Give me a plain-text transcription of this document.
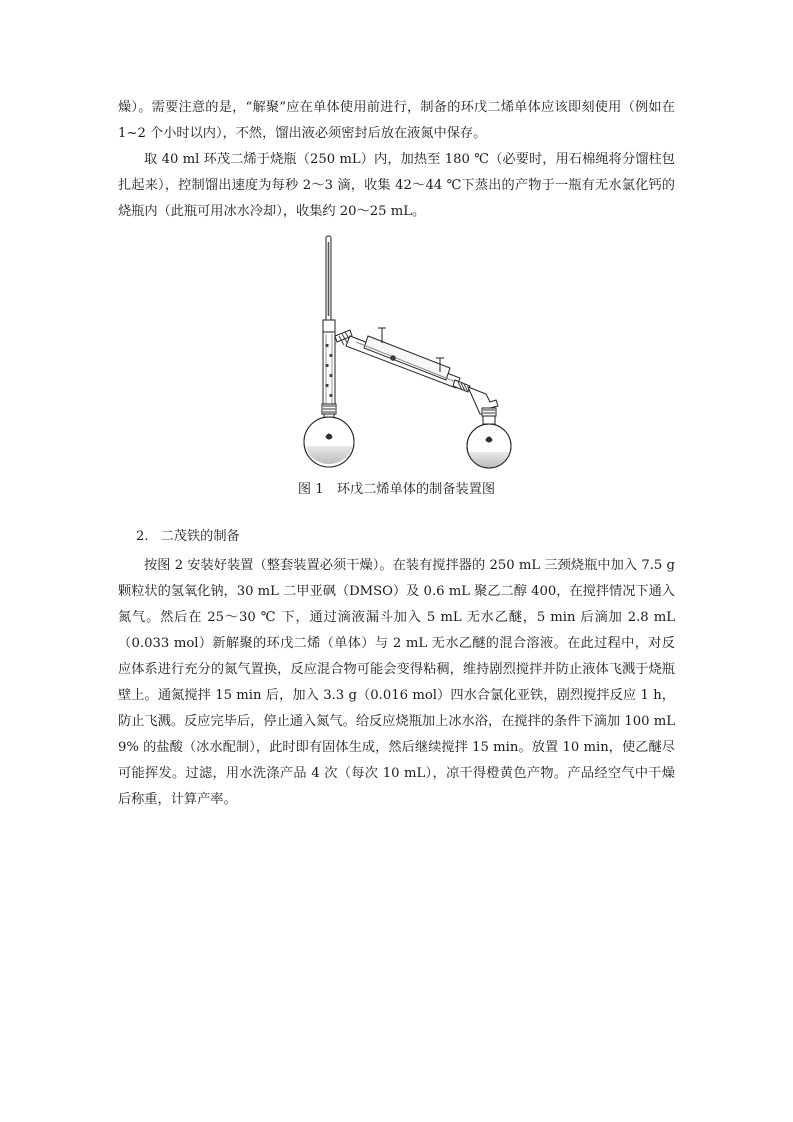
燥）。需要注意的是，“解聚”应在单体使用前进行，制备的环戊二烯单体应该即刻使用（例如在 1~2 个小时以内），不然，馏出液必须密封后放在液氮中保存。

取 40 ml 环茂二烯于烧瓶（250 mL）内，加热至 180 ℃（必要时，用石棉绳将分馏柱包扎起来），控制馏出速度为每秒 2～3 滴，收集 42～44 ℃下蒸出的产物于一瓶有无水氯化钙的烧瓶内（此瓶可用冰水冷却），收集约 20～25 mL。

图 1　环戊二烯单体的制备装置图

2. 二茂铁的制备

按图 2 安装好装置（整套装置必须干燥）。在装有搅拌器的 250 mL 三颈烧瓶中加入 7.5 g 颗粒状的氢氧化钠，30 mL 二甲亚砜（DMSO）及 0.6 mL 聚乙二醇 400，在搅拌情况下通入氮气。然后在 25～30 ℃ 下，通过滴液漏斗加入 5 mL 无水乙醚，5 min 后滴加 2.8 mL（0.033 mol）新解聚的环戊二烯（单体）与 2 mL 无水乙醚的混合溶液。在此过程中，对反应体系进行充分的氮气置换，反应混合物可能会变得粘稠，维持剧烈搅拌并防止液体飞溅于烧瓶壁上。通氮搅拌 15 min 后，加入 3.3 g（0.016 mol）四水合氯化亚铁，剧烈搅拌反应 1 h，防止飞溅。反应完毕后，停止通入氮气。给反应烧瓶加上冰水浴，在搅拌的条件下滴加 100 mL 9% 的盐酸（冰水配制），此时即有固体生成，然后继续搅拌 15 min。放置 10 min，使乙醚尽可能挥发。过滤，用水洗涤产品 4 次（每次 10 mL），凉干得橙黄色产物。产品经空气中干燥后称重，计算产率。
